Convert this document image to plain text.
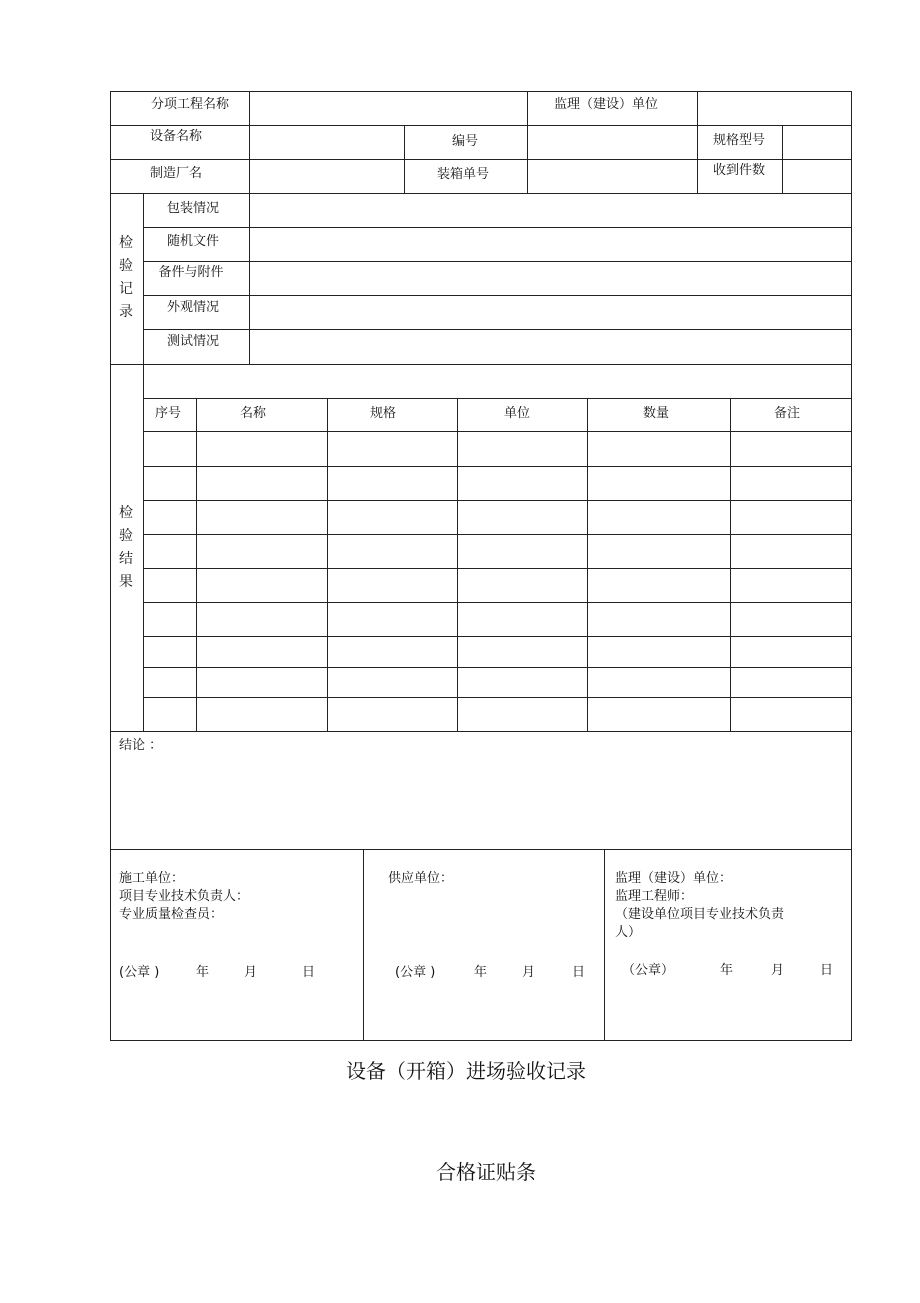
分项工程名称	监理（建设）单位
设备名称	编号	规格型号
制造厂名	装箱单号	收到件数
检
验
记
录
包装情况
随机文件
备件与附件
外观情况
测试情况
检
验
结
果
序号	名称	规格	单位	数量	备注
结论 ：
施工单位：
项目专业技术负责人：
专业质量检查员：
(公章 )	年	月	日
供应单位：
(公章 )	年	月	日
监理（建设）单位：
监理工程师：
（建设单位项目专业技术负责
人）
（公章）	年	月	日
设备（开箱）进场验收记录
合格证贴条
